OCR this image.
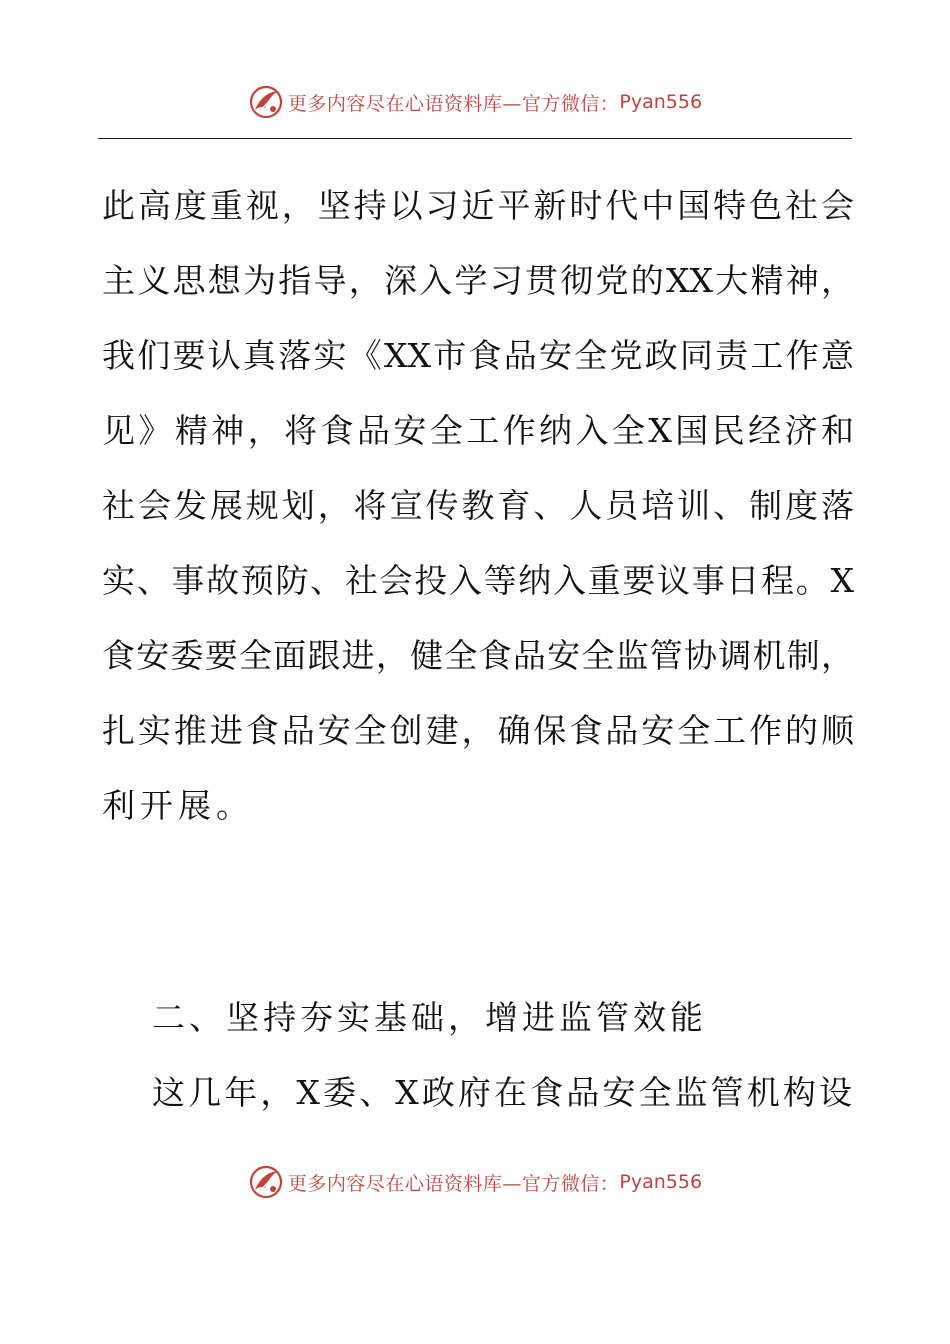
更多内容尽在心语资料库—官方微信： Pyan556
此高度重视，坚持以习近平新时代中国特色社会
主义思想为指导，深入学习贯彻党的XX大精神，
我们要认真落实《XX市食品安全党政同责工作意
见》精神，将食品安全工作纳入全X国民经济和
社会发展规划，将宣传教育、人员培训、制度落
实、事故预防、社会投入等纳入重要议事日程。X
食安委要全面跟进，健全食品安全监管协调机制，
扎实推进食品安全创建，确保食品安全工作的顺
利开展。
二、坚持夯实基础，增进监管效能
这几年，X委、X政府在食品安全监管机构设
更多内容尽在心语资料库—官方微信： Pyan556
